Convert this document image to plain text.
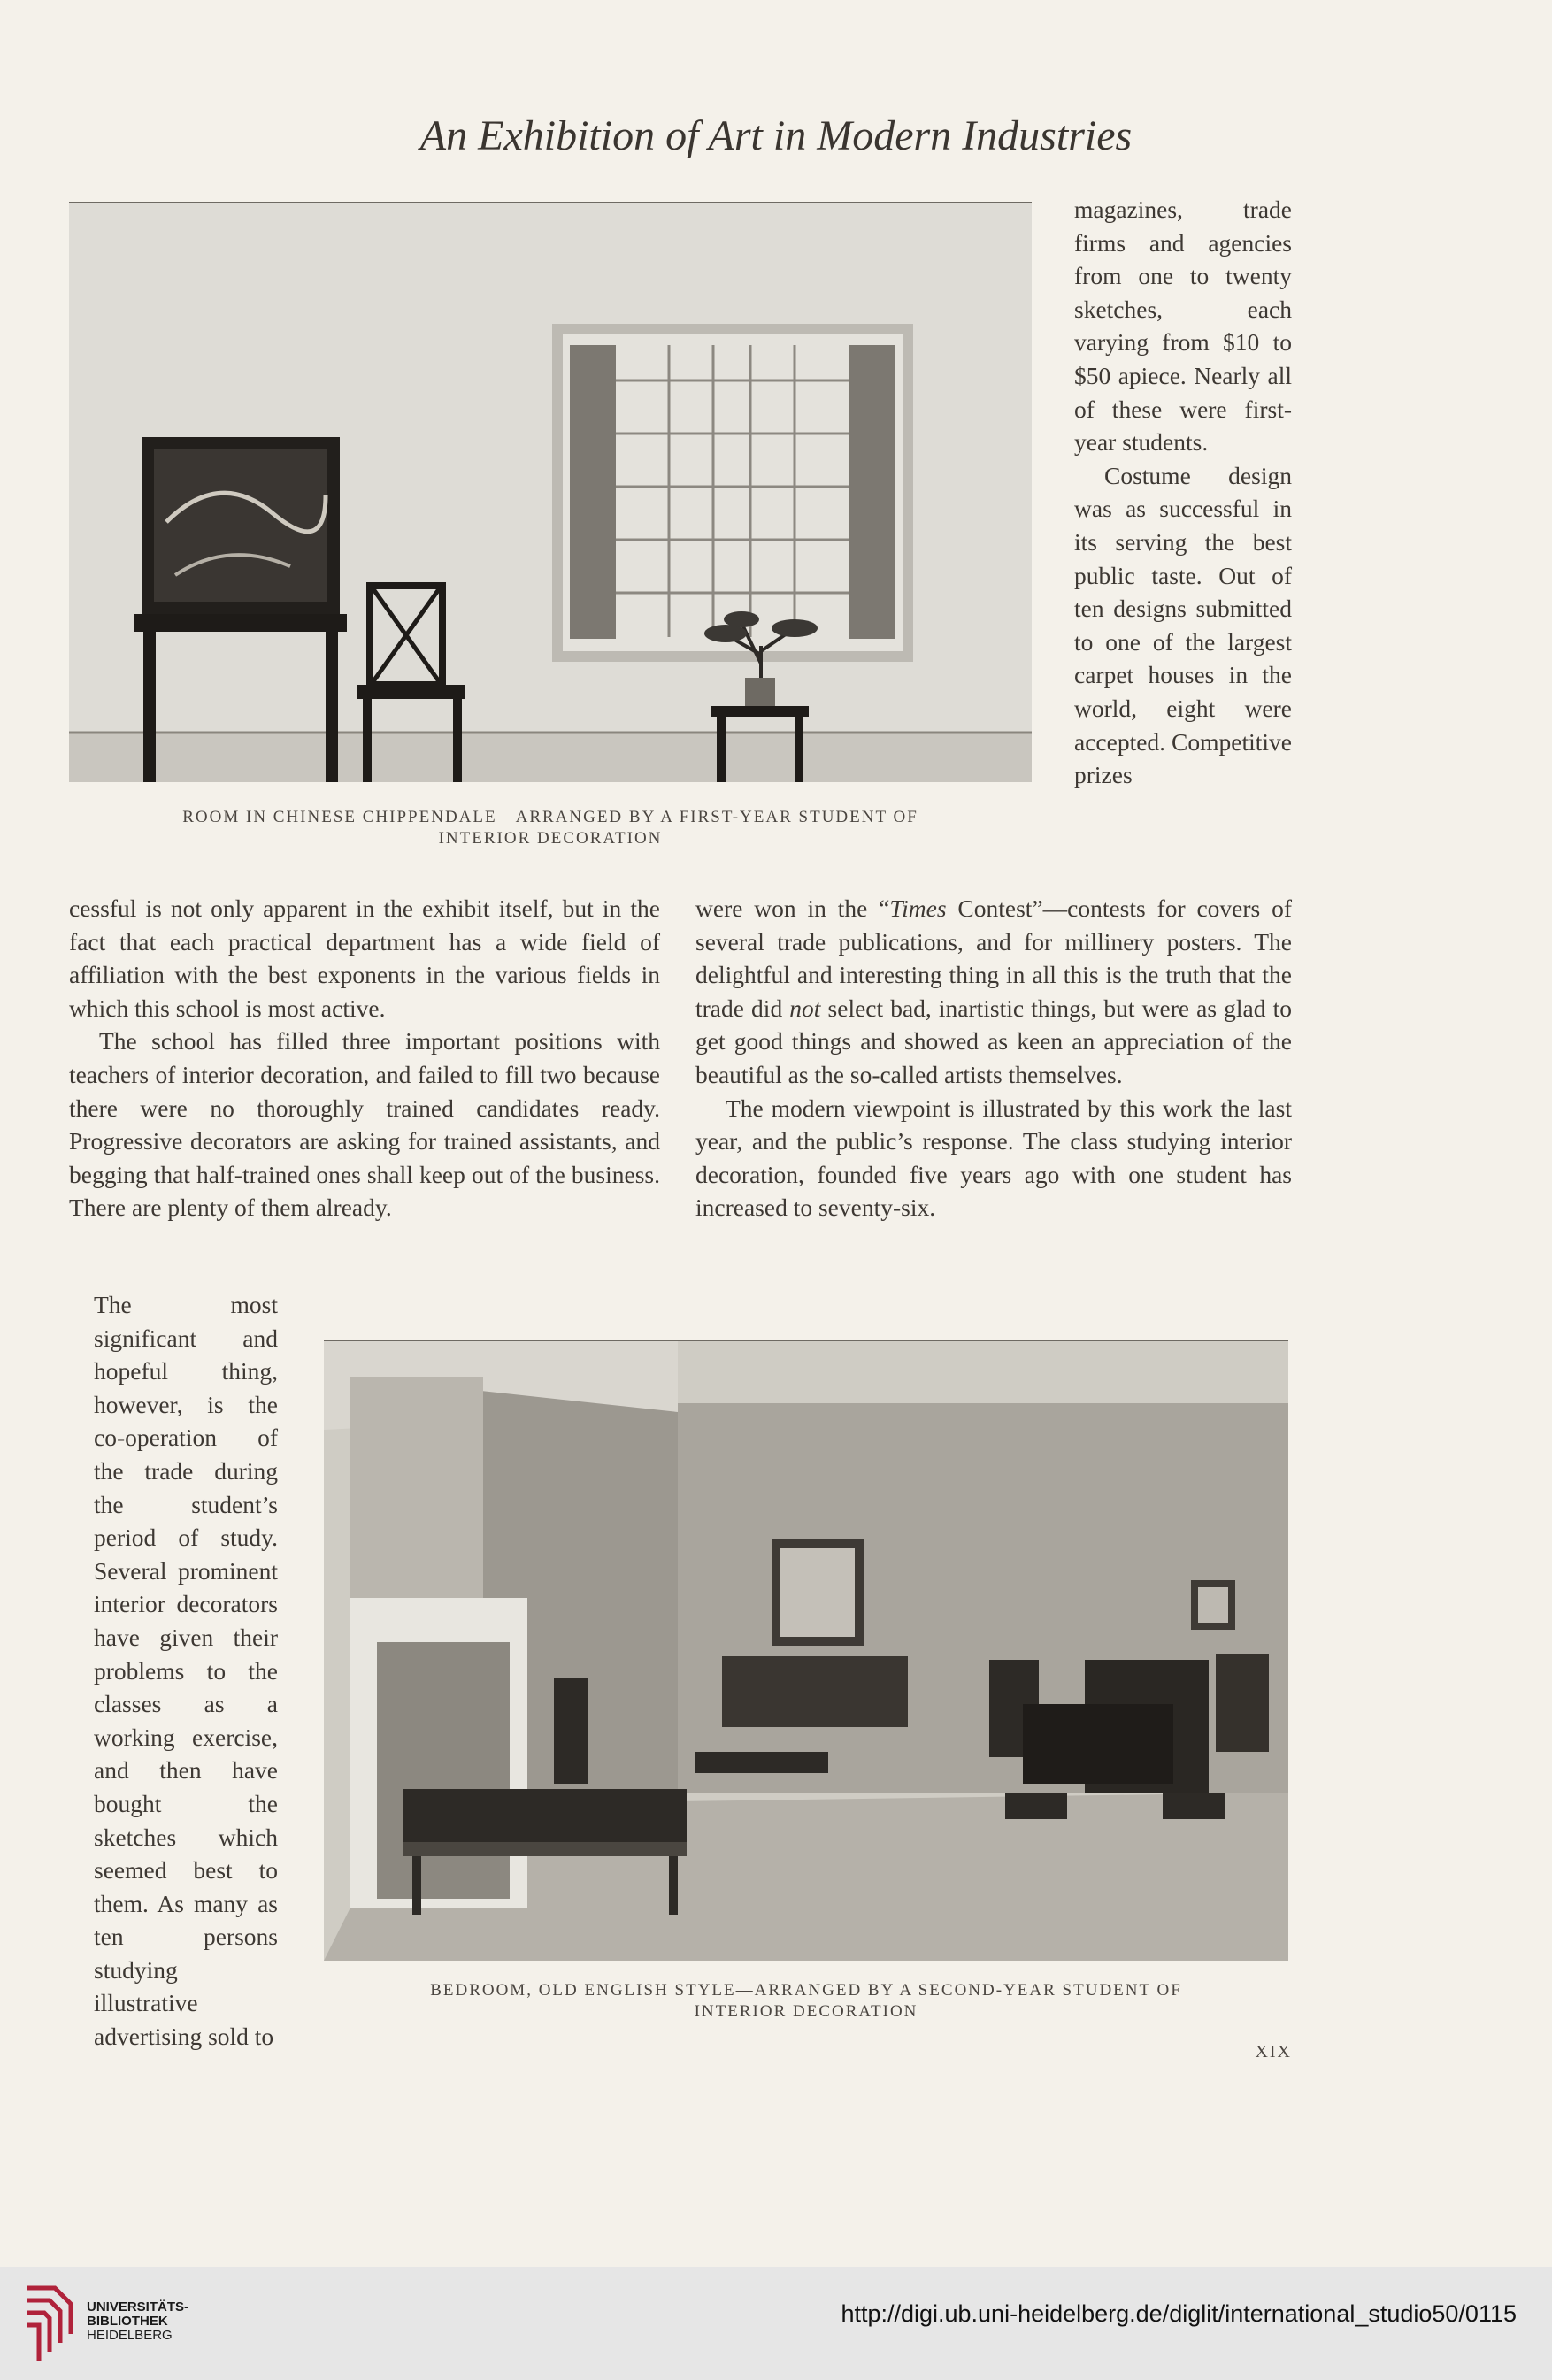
An Exhibition of Art in Modern Industries
ROOM IN CHINESE CHIPPENDALE—ARRANGED BY A FIRST-YEAR STUDENT OF
INTERIOR DECORATION

magazines, trade firms and agencies from one to twenty sketches, each varying from $10 to $50 apiece. Nearly all of these were first-year students.

Costume design was as successful in its serving the best public taste. Out of ten designs submitted to one of the largest carpet houses in the world, eight were accepted. Competitive prizes

cessful is not only apparent in the exhibit itself, but in the fact that each practical department has a wide field of affiliation with the best exponents in the various fields in which this school is most active.

The school has filled three important positions with teachers of interior decoration, and failed to fill two because there were no thoroughly trained candidates ready. Progressive decorators are asking for trained assistants, and begging that half-trained ones shall keep out of the business. There are plenty of them already.

were won in the “Times Contest”—contests for covers of several trade publications, and for millinery posters. The delightful and interesting thing in all this is the truth that the trade did not select bad, inartistic things, but were as glad to get good things and showed as keen an appreciation of the beautiful as the so-called artists themselves.

The modern viewpoint is illustrated by this work the last year, and the public’s response. The class studying interior decoration, founded five years ago with one student has increased to seventy-six.

The most significant and hopeful thing, however, is the co-operation of the trade during the student’s period of study. Several prominent interior decorators have given their problems to the classes as a working exercise, and then have bought the sketches which seemed best to them. As many as ten persons studying illustrative advertising sold to

BEDROOM, OLD ENGLISH STYLE—ARRANGED BY A SECOND-YEAR STUDENT OF
INTERIOR DECORATION
XIX
UNIVERSITÄTS-
BIBLIOTHEK
HEIDELBERG
http://digi.ub.uni-heidelberg.de/diglit/international_studio50/0115
